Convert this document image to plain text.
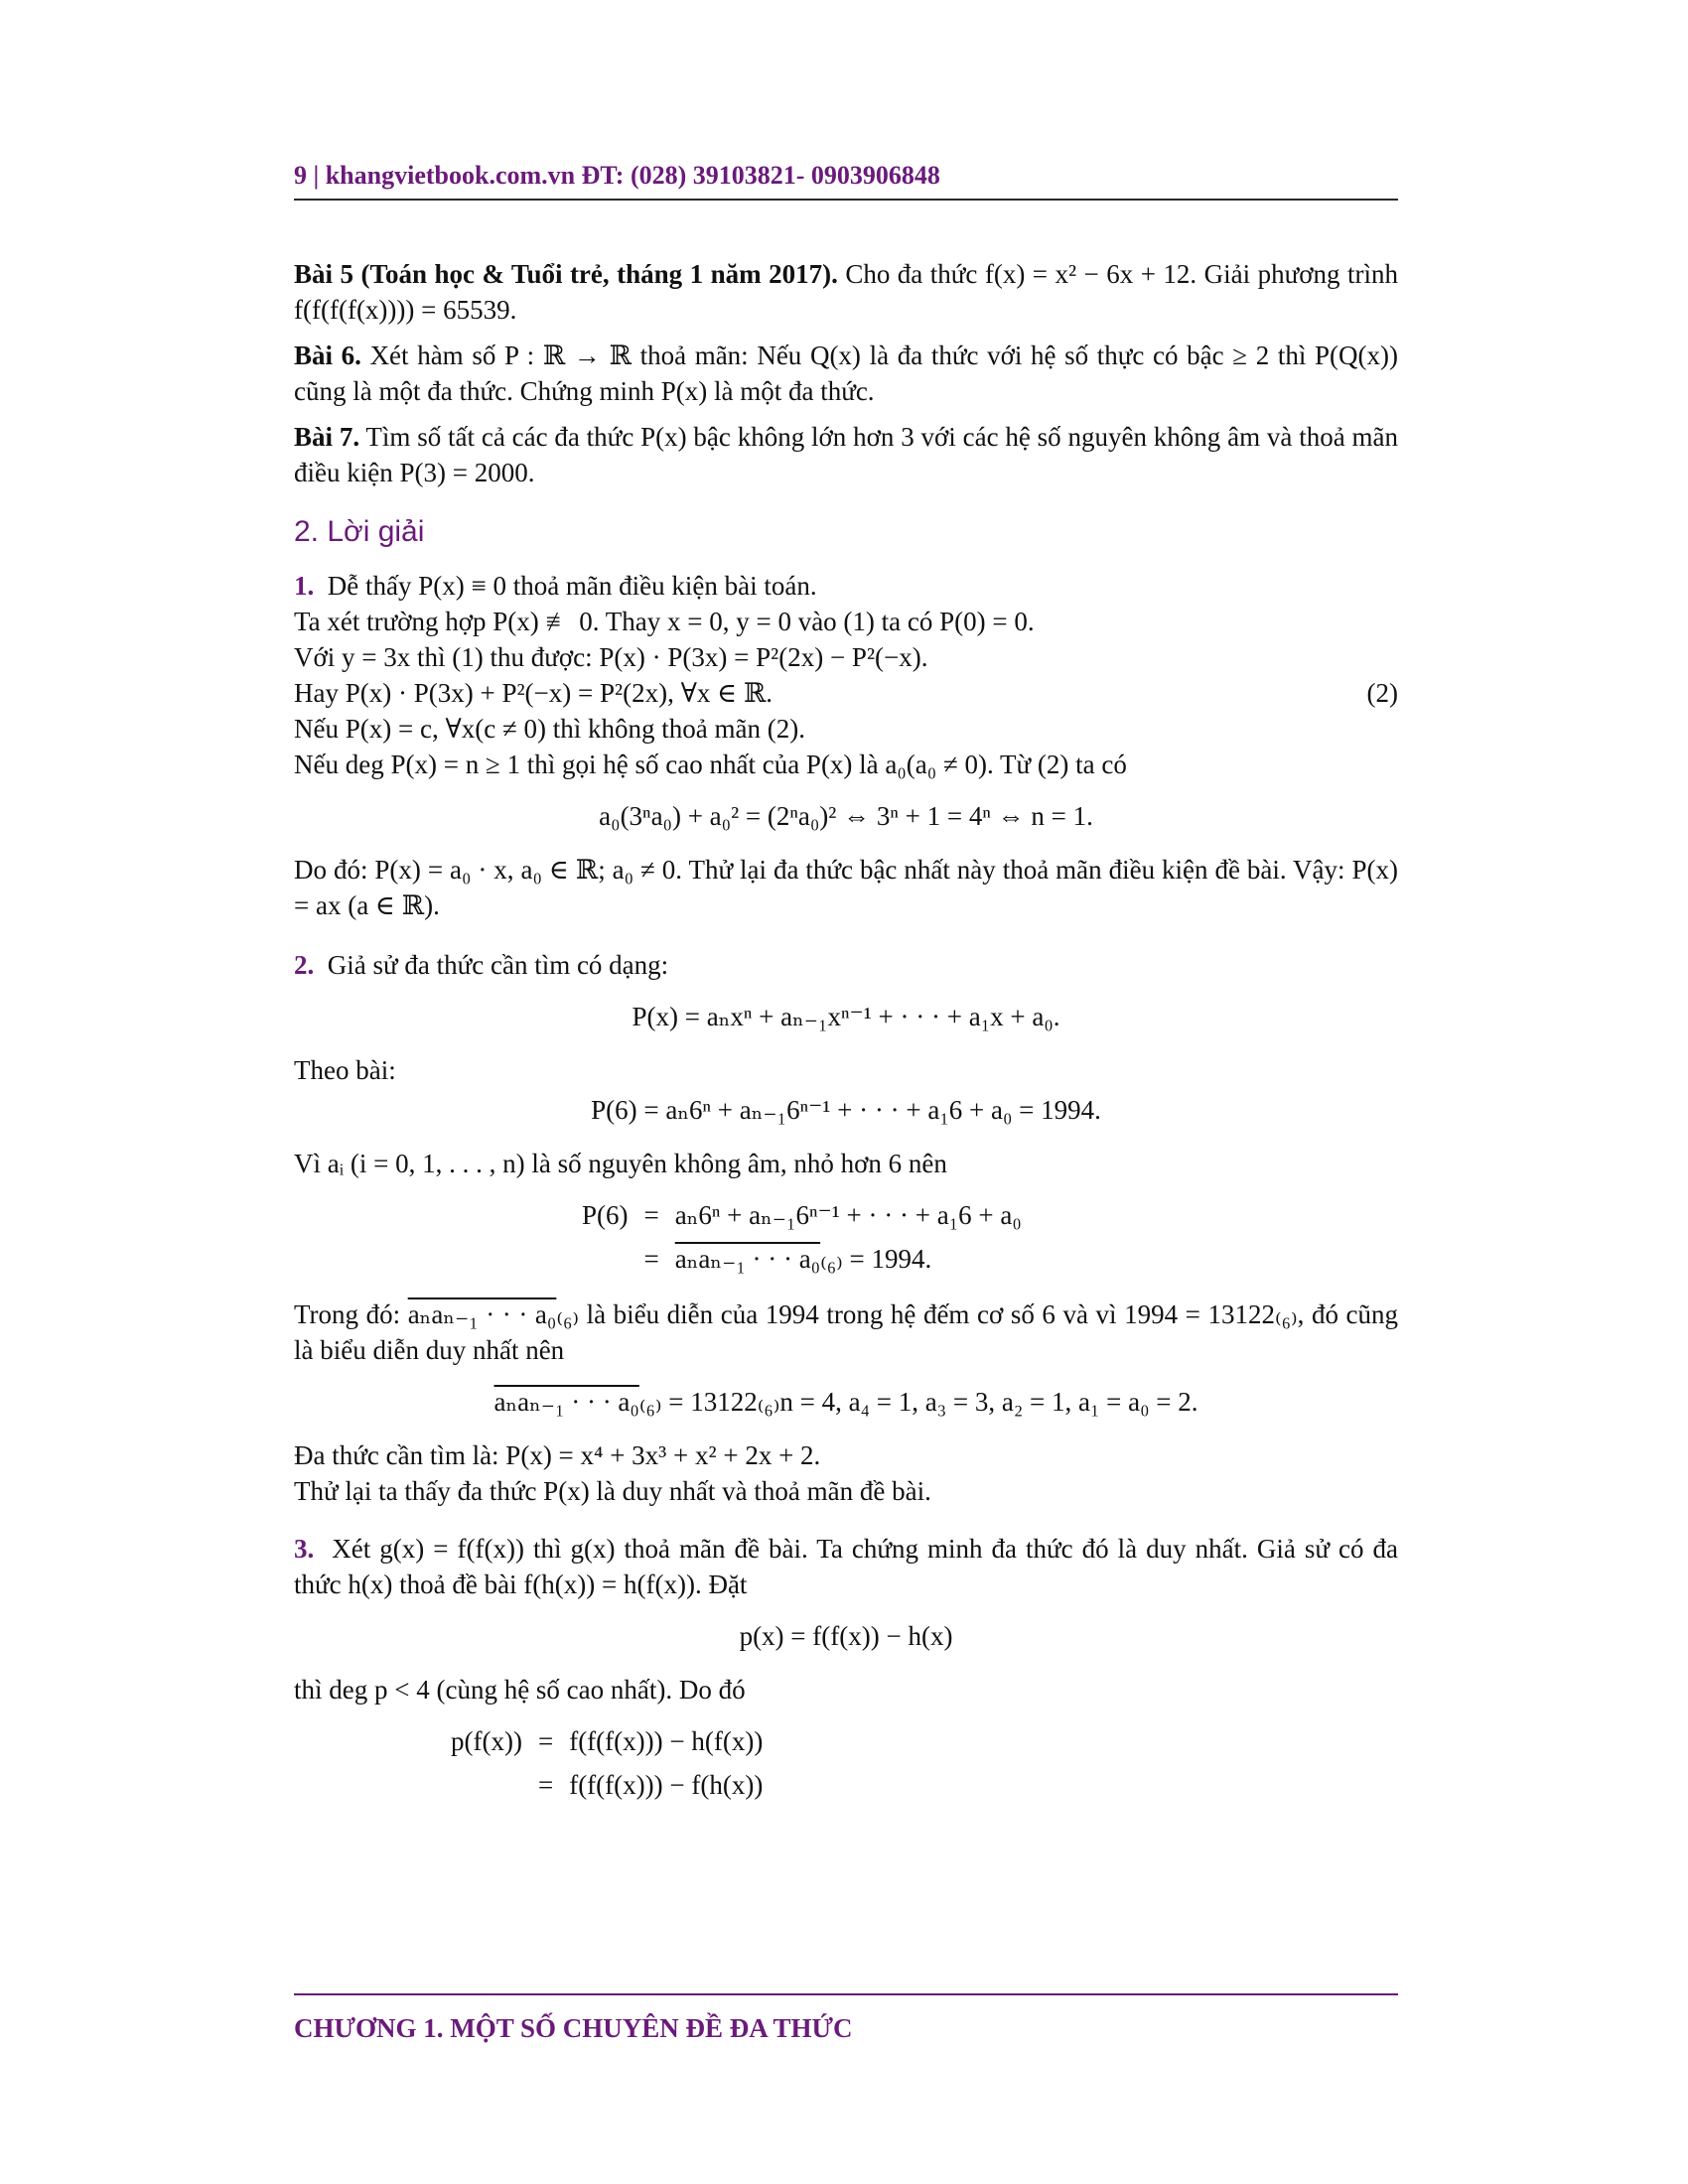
9 | khangvietbook.com.vn ĐT: (028) 39103821- 0903906848

Bài 5 (Toán học & Tuổi trẻ, tháng 1 năm 2017). Cho đa thức f(x) = x² − 6x + 12. Giải phương trình f(f(f(f(x)))) = 65539.

Bài 6. Xét hàm số P : ℝ → ℝ thoả mãn: Nếu Q(x) là đa thức với hệ số thực có bậc ≥ 2 thì P(Q(x)) cũng là một đa thức. Chứng minh P(x) là một đa thức.

Bài 7. Tìm số tất cả các đa thức P(x) bậc không lớn hơn 3 với các hệ số nguyên không âm và thoả mãn điều kiện P(3) = 2000.

2. Lời giải

1. Dễ thấy P(x) ≡ 0 thoả mãn điều kiện bài toán.

Ta xét trường hợp P(x) ≢ 0. Thay x = 0, y = 0 vào (1) ta có P(0) = 0.

Với y = 3x thì (1) thu được: P(x) · P(3x) = P²(2x) − P²(−x).

Hay P(x) · P(3x) + P²(−x) = P²(2x), ∀x ∈ ℝ.	(2)

Nếu P(x) = c, ∀x(c ≠ 0) thì không thoả mãn (2).

Nếu deg P(x) = n ≥ 1 thì gọi hệ số cao nhất của P(x) là a₀(a₀ ≠ 0). Từ (2) ta có

a₀(3ⁿa₀) + a₀² = (2ⁿa₀)² ⇔ 3ⁿ + 1 = 4ⁿ ⇔ n = 1.

Do đó: P(x) = a₀ · x, a₀ ∈ ℝ; a₀ ≠ 0. Thử lại đa thức bậc nhất này thoả mãn điều kiện đề bài. Vậy: P(x) = ax (a ∈ ℝ).

2. Giả sử đa thức cần tìm có dạng:

P(x) = aₙxⁿ + aₙ₋₁xⁿ⁻¹ + · · · + a₁x + a₀.

Theo bài:

P(6) = aₙ6ⁿ + aₙ₋₁6ⁿ⁻¹ + · · · + a₁6 + a₀ = 1994.

Vì aᵢ (i = 0, 1, . . . , n) là số nguyên không âm, nhỏ hơn 6 nên

P(6)	=	aₙ6ⁿ + aₙ₋₁6ⁿ⁻¹ + · · · + a₁6 + a₀
	=	aₙaₙ₋₁ · · · a₀₍₆₎ = 1994.

Trong đó: aₙaₙ₋₁ · · · a₀₍₆₎ là biểu diễn của 1994 trong hệ đếm cơ số 6 và vì 1994 = 13122₍₆₎, đó cũng là biểu diễn duy nhất nên

aₙaₙ₋₁ · · · a₀₍₆₎ = 13122₍₆₎n = 4, a₄ = 1, a₃ = 3, a₂ = 1, a₁ = a₀ = 2.

Đa thức cần tìm là: P(x) = x⁴ + 3x³ + x² + 2x + 2.

Thử lại ta thấy đa thức P(x) là duy nhất và thoả mãn đề bài.

3. Xét g(x) = f(f(x)) thì g(x) thoả mãn đề bài. Ta chứng minh đa thức đó là duy nhất. Giả sử có đa thức h(x) thoả đề bài f(h(x)) = h(f(x)). Đặt

p(x) = f(f(x)) − h(x)

thì deg p < 4 (cùng hệ số cao nhất). Do đó

p(f(x))	=	f(f(f(x))) − h(f(x))
	=	f(f(f(x))) − f(h(x))
CHƯƠNG 1. MỘT SỐ CHUYÊN ĐỀ ĐA THỨC
